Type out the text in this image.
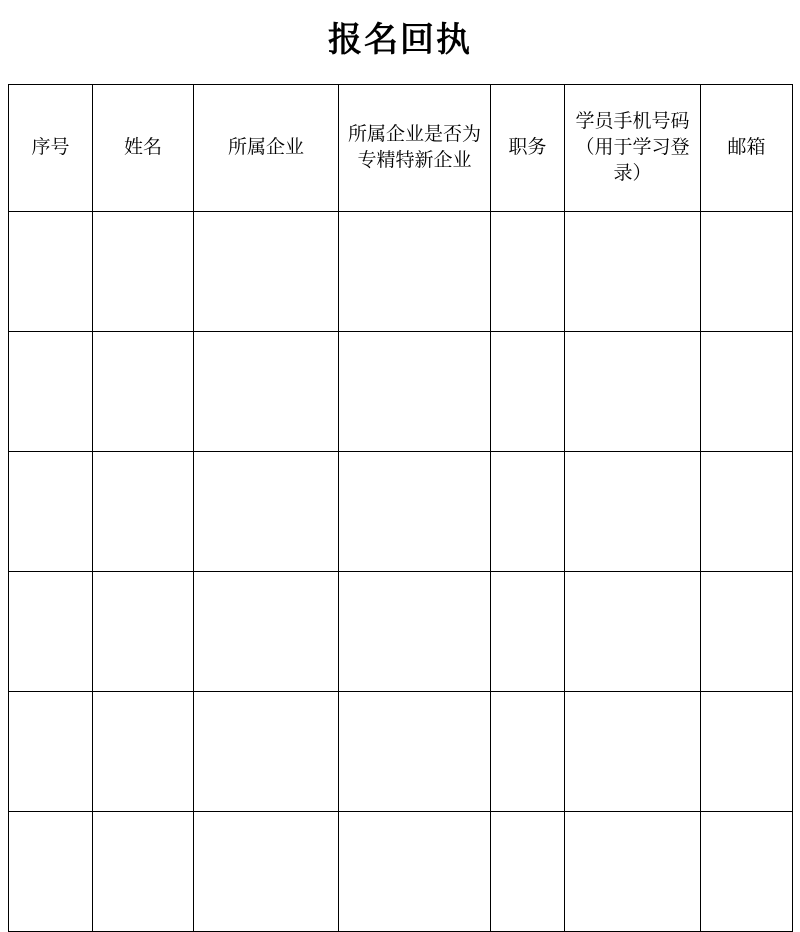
报名回执
序号	姓名	所属企业	所属企业是否为专精特新企业	职务	学员手机号码（用于学习登录）	邮箱
